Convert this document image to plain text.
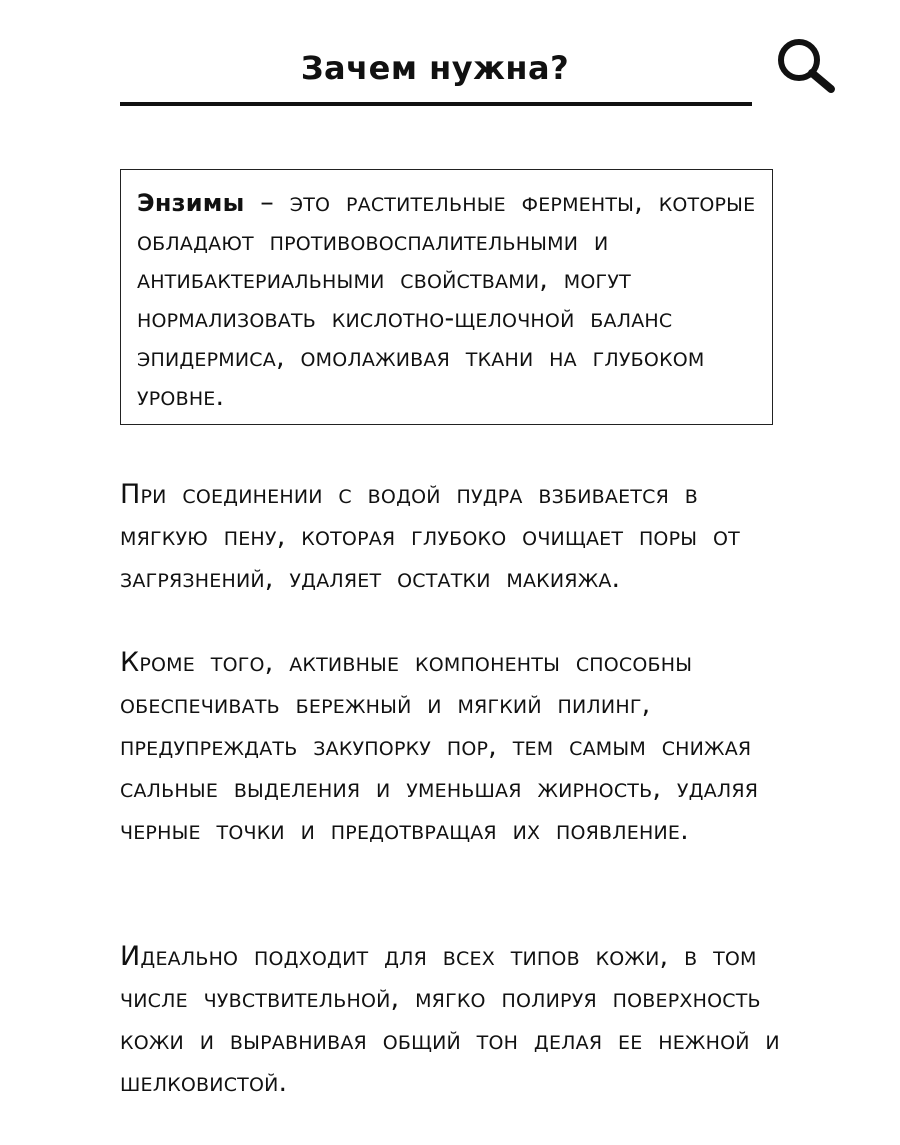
Зачем нужна?

Энзимы – это растительные ферменты, которые обладают противовоспалительными и антибактериальными свойствами, могут нормализовать кислотно-щелочной баланс эпидермиса, омолаживая ткани на глубоком уровне.

При соединении с водой пудра взбивается в мягкую пену, которая глубоко очищает поры от загрязнений, удаляет остатки макияжа.

Кроме того, активные компоненты способны обеспечивать бережный и мягкий пилинг, предупреждать закупорку пор, тем самым снижая сальные выделения и уменьшая жирность, удаляя черные точки и предотвращая их появление.

Идеально подходит для всех типов кожи, в том числе чувствительной, мягко полируя поверхность кожи и выравнивая общий тон делая ее нежной и шелковистой.
